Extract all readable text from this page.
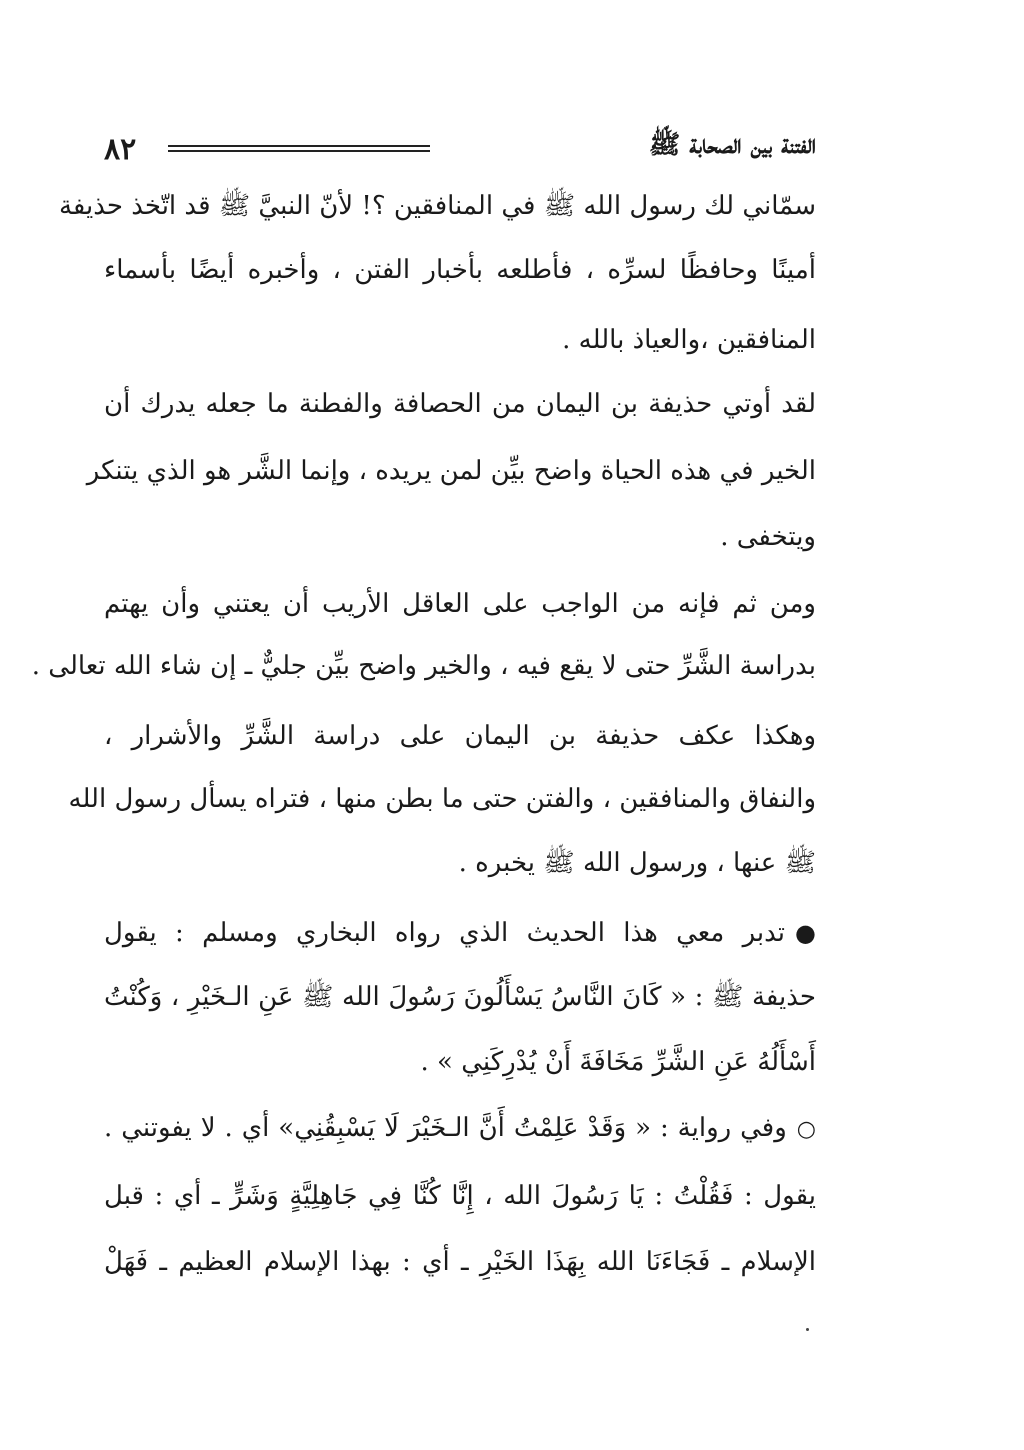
٨٢	الفتنة بين الصحابة ﷺ
سمّاني لك رسول الله ﷺ في المنافقين ؟! لأنّ النبيَّ ﷺ قد اتّخذ حذيفة
أمينًا وحافظًا لسرِّه ، فأطلعه بأخبار الفتن ، وأخبره أيضًا بأسماء
المنافقين ،والعياذ بالله .
لقد أوتي حذيفة بن اليمان من الحصافة والفطنة ما جعله يدرك أن
الخير في هذه الحياة واضح بيِّن لمن يريده ، وإنما الشَّر هو الذي يتنكر
ويتخفى .
ومن ثم فإنه من الواجب على العاقل الأريب أن يعتني وأن يهتم
بدراسة الشَّرِّ حتى لا يقع فيه ، والخير واضح بيِّن جليٌّ ـ إن شاء الله تعالى .
وهكذا عكف حذيفة بن اليمان على دراسة الشَّرِّ والأشرار ،
والنفاق والمنافقين ، والفتن حتى ما بطن منها ، فتراه يسأل رسول الله
ﷺ عنها ، ورسول الله ﷺ يخبره .
●تدبر معي هذا الحديث الذي رواه البخاري ومسلم : يقول
حذيفة ﷺ : « كَانَ النَّاسُ يَسْأَلُونَ رَسُولَ الله ﷺ عَنِ الـخَيْرِ ، وَكُنْتُ
أَسْأَلُهُ عَنِ الشَّرِّ مَخَافَةَ أَنْ يُدْرِكَنِي » .
○وفي رواية : « وَقَدْ عَلِمْتُ أَنَّ الـخَيْرَ لَا يَسْبِقُنِي» أي . لا يفوتني .
يقول : فَقُلْتُ : يَا رَسُولَ الله ، إِنَّا كُنَّا فِي جَاهِلِيَّةٍ وَشَرٍّ ـ أي : قبل
الإسلام ـ فَجَاءَنَا الله بِهَذَا الخَيْرِ ـ أي : بهذا الإسلام العظيم ـ فَهَلْ
